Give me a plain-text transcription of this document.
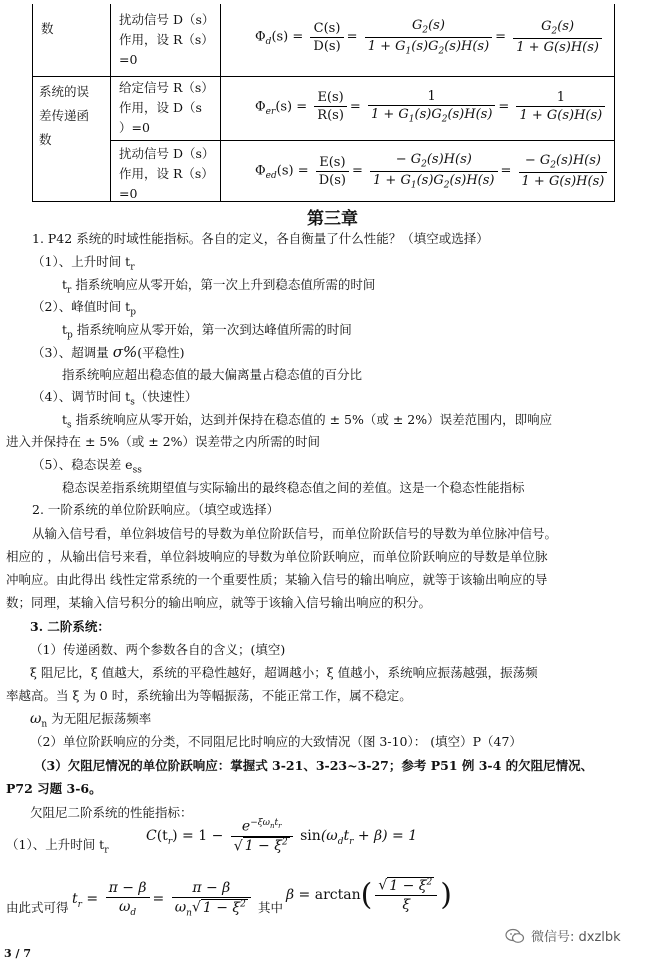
数
扰动信号 D（s）
作用，设 R（s）
=0
系统的误
差传递函
数
给定信号 R（s）
作用，设 D（s
）=0
扰动信号 D（s）
作用，设 R（s）
=0
$\Phi_d(s) = \frac{C(s)}{D(s)} = \frac{G_2(s)}{1 + G_1(s)G_2(s)H(s)} = \frac{G_2(s)}{1 + G(s)H(s)}$
$\Phi_{er}(s) = \frac{E(s)}{R(s)} = \frac{1}{1 + G_1(s)G_2(s)H(s)} = \frac{1}{1 + G(s)H(s)}$
$\Phi_{ed}(s) = \frac{E(s)}{D(s)} = \frac{- G_2(s)H(s)}{1 + G_1(s)G_2(s)H(s)} = \frac{- G_2(s)H(s)}{1 + G(s)H(s)}$
第三章
1. P42 系统的时域性能指标。各自的定义，各自衡量了什么性能？（填空或选择）
（1）、上升时间 $t_r$
$t_r$ 指系统响应从零开始，第一次上升到稳态值所需的时间
（2）、峰值时间 $t_p$
$t_p$ 指系统响应从零开始，第一次到达峰值所需的时间
（3）、超调量 σ%(平稳性)
指系统响应超出稳态值的最大偏离量占稳态值的百分比
（4）、调节时间 $t_s$（快速性）
$t_s$ 指系统响应从零开始，达到并保持在稳态值的 ± 5%（或 ± 2%）误差范围内，即响应
进入并保持在 ± 5%（或 ± 2%）误差带之内所需的时间
（5）、稳态误差 $e_{ss}$
稳态误差指系统期望值与实际输出的最终稳态值之间的差值。这是一个稳态性能指标
2. 一阶系统的单位阶跃响应。（填空或选择）
从输入信号看，单位斜坡信号的导数为单位阶跃信号，而单位阶跃信号的导数为单位脉冲信号。
相应的 ，从输出信号来看，单位斜坡响应的导数为单位阶跃响应，而单位阶跃响应的导数是单位脉
冲响应。由此得出 线性定常系统的一个重要性质；某输入信号的输出响应，就等于该输出响应的导
数；同理，某输入信号积分的输出响应，就等于该输入信号输出响应的积分。
3. 二阶系统：
（1）传递函数、两个参数各自的含义；(填空)
ξ 阻尼比，ξ 值越大，系统的平稳性越好，超调越小；ξ 值越小，系统响应振荡越强，振荡频
率越高。当 ξ 为 0 时，系统输出为等幅振荡，不能正常工作，属不稳定。
$\omega_n$ 为无阻尼振荡频率
（2）单位阶跃响应的分类，不同阻尼比时响应的大致情况（图 3-10）： (填空）P（47）
（3）欠阻尼情况的单位阶跃响应：掌握式 3-21、3-23~3-27；参考 P51 例 3-4 的欠阻尼情况、
P72 习题 3-6。
欠阻尼二阶系统的性能指标：
（1）、上升时间 $t_r$
$C(t_r) = 1 - \frac{e^{-\xi\omega_nt_r}}{√ 1 - \xi^2} \sin(\omega_dt_r + \beta) = 1$
由此式可得
$t_r = \frac{\pi - \beta}{\omega_d} = \frac{\pi - \beta}{\omega_n√ 1 - \xi^2}$ 其中
$\beta = \arctan( \frac{√ 1 - \xi^2}{\xi}$ )
3 / 7
微信号: dxzlbk
